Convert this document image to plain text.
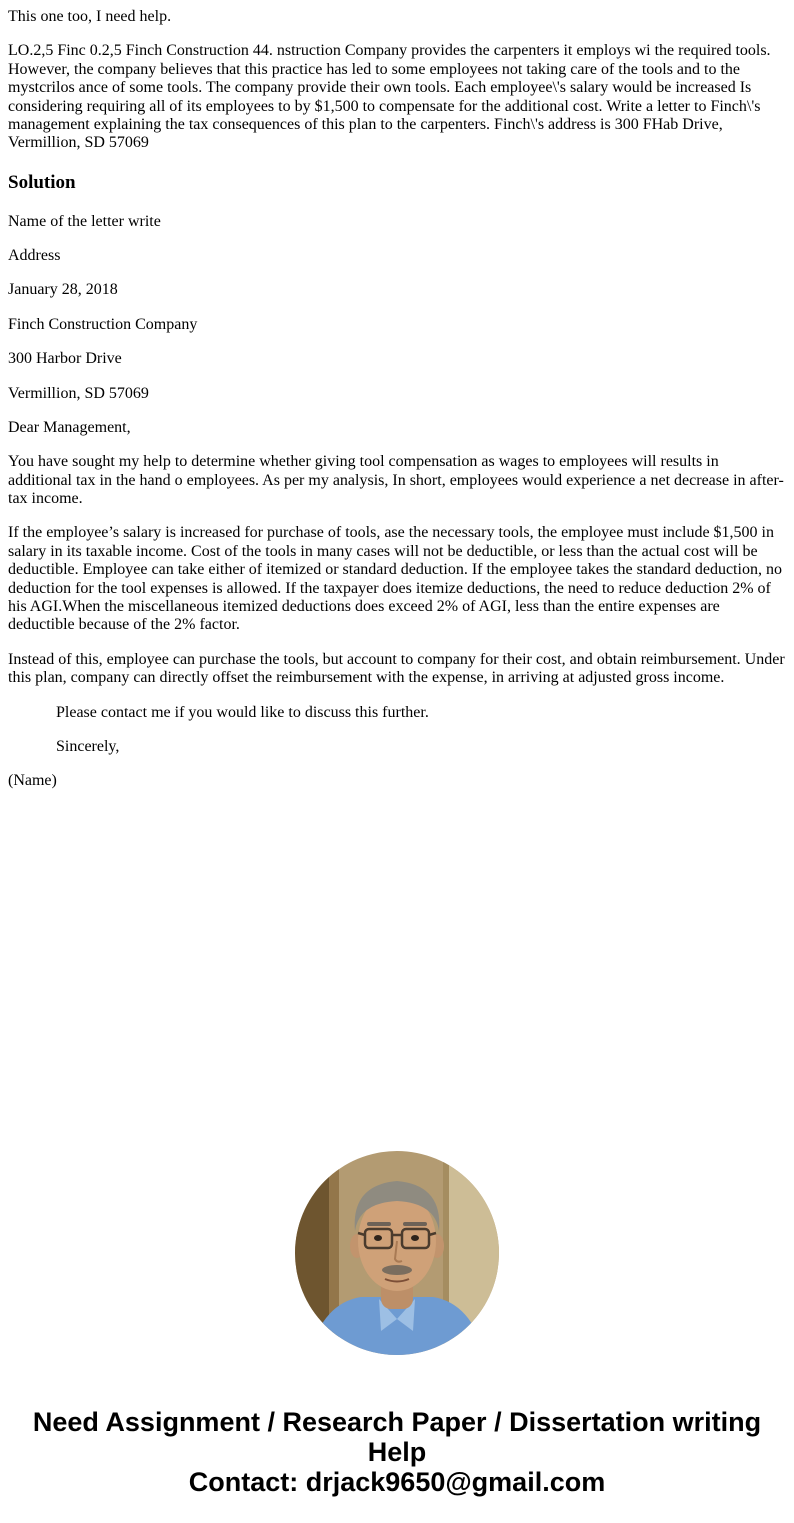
This one too, I need help.

LO.2,5 Finc 0.2,5 Finch Construction 44. nstruction Company provides the carpenters it employs wi the required tools. However, the company believes that this practice has led to some employees not taking care of the tools and to the mystcrilos ance of some tools. The company provide their own tools. Each employee\'s salary would be increased Is considering requiring all of its employees to by $1,500 to compensate for the additional cost. Write a letter to Finch\'s management explaining the tax consequences of this plan to the carpenters. Finch\'s address is 300 FHab Drive, Vermillion, SD 57069

Solution

Name of the letter write

Address

January 28, 2018

Finch Construction Company

300 Harbor Drive

Vermillion, SD 57069

Dear Management,

You have sought my help to determine whether giving tool compensation as wages to employees will results in additional tax in the hand o employees. As per my analysis, In short, employees would experience a net decrease in after-tax income.

If the employee’s salary is increased for purchase of tools, ase the necessary tools, the employee must include $1,500 in salary in its taxable income. Cost of the tools in many cases will not be deductible, or less than the actual cost will be deductible. Employee can take either of itemized or standard deduction. If the employee takes the standard deduction, no deduction for the tool expenses is allowed. If the taxpayer does itemize deductions, the need to reduce deduction 2% of his AGI.When the miscellaneous itemized deductions does exceed 2% of AGI, less than the entire expenses are deductible because of the 2% factor.

Instead of this, employee can purchase the tools, but account to company for their cost, and obtain reimbursement. Under this plan, company can directly offset the reimbursement with the expense, in arriving at adjusted gross income.

Please contact me if you would like to discuss this further.

Sincerely,

(Name)

Need Assignment / Research Paper / Dissertation writing Help
Contact: drjack9650@gmail.com
